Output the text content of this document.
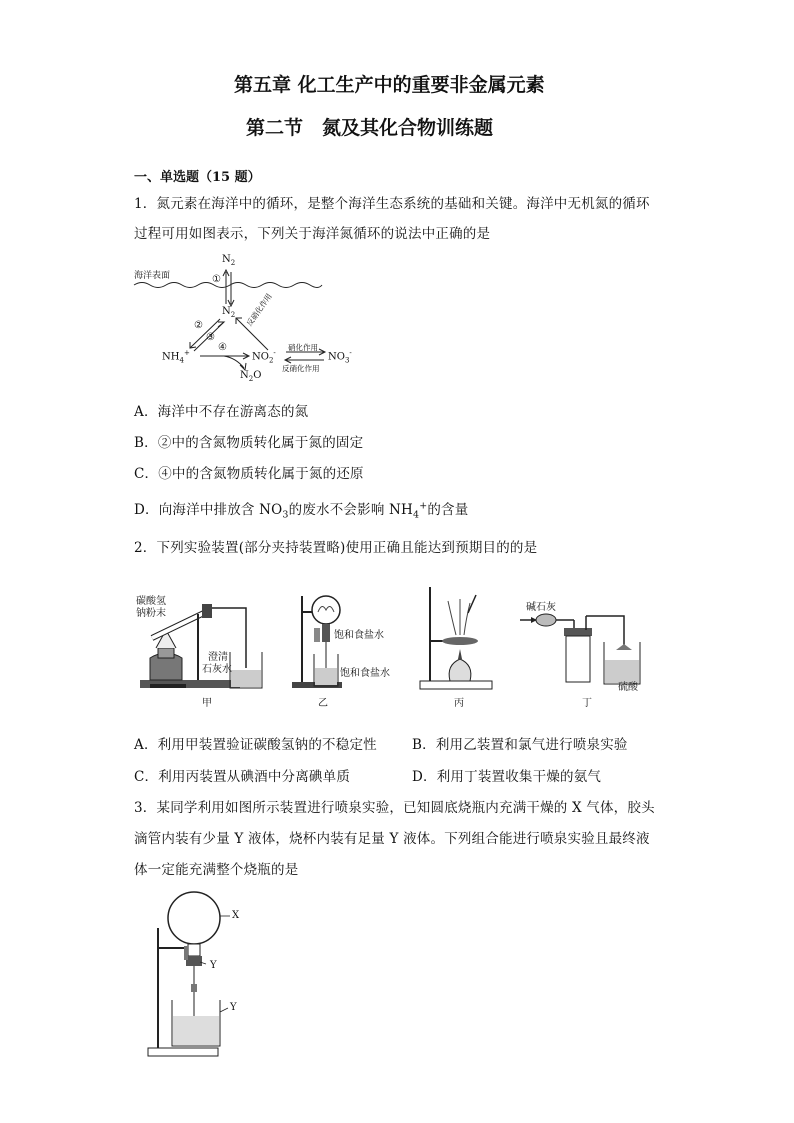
第五章 化工生产中的重要非金属元素
第二节　氮及其化合物训练题
一、单选题（15 题）
1．氮元素在海洋中的循环，是整个海洋生态系统的基础和关键。海洋中无机氮的循环
过程可用如图表示，下列关于海洋氮循环的说法中正确的是
海洋表面
$N_2$
①
$N_2$
②
③
反硝化作用
$NH_4^+$	④
$NO_2^-$
硝化作用
反硝化作用
$NO_3^-$
$N_2O$
A．海洋中不存在游离态的氮
B．②中的含氮物质转化属于氮的固定
C．④中的含氮物质转化属于氮的还原
D．向海洋中排放含 $NO_3$的废水不会影响 $NH_4^+$的含量
2．下列实验装置(部分夹持装置略)使用正确且能达到预期目的的是
碳酸氢
钠粉末
澄清
石灰水
甲
饱和食盐水
饱和食盐水
乙	丙
碱石灰
硫酸
丁
A．利用甲装置验证碳酸氢钠的不稳定性	B．利用乙装置和氯气进行喷泉实验
C．利用丙装置从碘酒中分离碘单质	D．利用丁装置收集干燥的氨气
3．某同学利用如图所示装置进行喷泉实验，已知圆底烧瓶内充满干燥的 X 气体，胶头
滴管内装有少量 Y 液体，烧杯内装有足量 Y 液体。下列组合能进行喷泉实验且最终液
体一定能充满整个烧瓶的是
X
Y
Y
